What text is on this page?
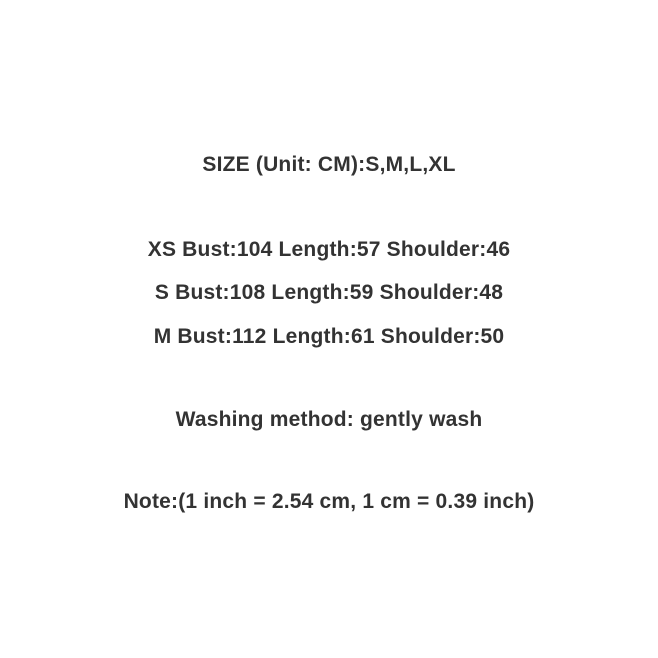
SIZE (Unit: CM):S,M,L,XL
XS Bust:104 Length:57 Shoulder:46
S Bust:108 Length:59 Shoulder:48
M Bust:112 Length:61 Shoulder:50
Washing method: gently wash
Note:(1 inch = 2.54 cm, 1 cm = 0.39 inch)
